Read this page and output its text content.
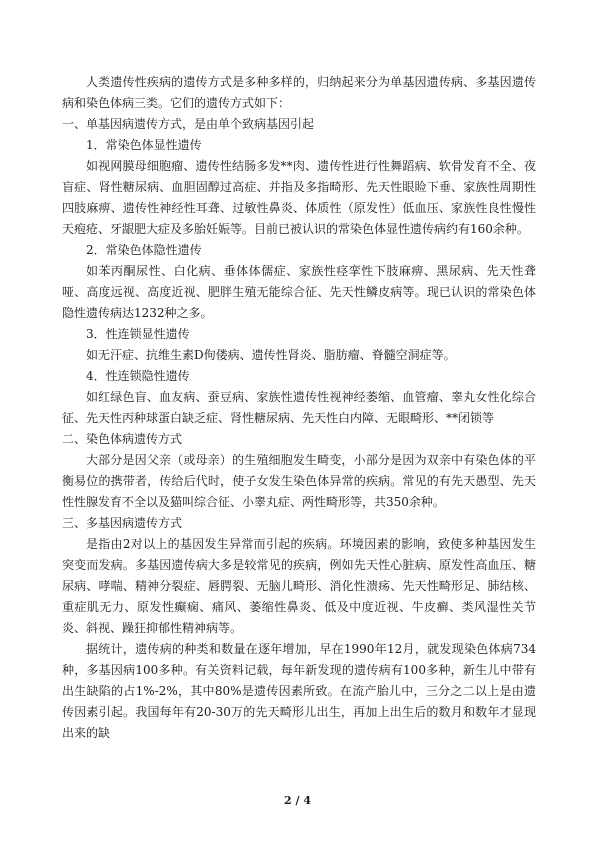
人类遗传性疾病的遗传方式是多种多样的，归纳起来分为单基因遗传病、多基因遗传病和染色体病三类。它们的遗传方式如下：

一、单基因病遗传方式，是由单个致病基因引起

1．常染色体显性遗传

如视网膜母细胞瘤、遗传性结肠多发**肉、遗传性进行性舞蹈病、软骨发育不全、夜盲症、肾性糖尿病、血胆固醇过高症、并指及多指畸形、先天性眼睑下垂、家族性周期性四肢麻痹、遗传性神经性耳聋、过敏性鼻炎、体质性（原发性）低血压、家族性良性慢性天疱疮、牙龈肥大症及多胎妊娠等。目前已被认识的常染色体显性遗传病约有160余种。

2．常染色体隐性遗传

如苯丙酮尿性、白化病、垂体体儒症、家族性痉挛性下肢麻痹、黑尿病、先天性聋哑、高度远视、高度近视、肥胖生殖无能综合征、先天性鳞皮病等。现已认识的常染色体隐性遗传病达1232种之多。

3．性连锁显性遗传

如无汗症、抗维生素D佝偻病、遗传性肾炎、脂肪瘤、脊髓空洞症等。

4．性连锁隐性遗传

如红绿色盲、血友病、蚕豆病、家族性遗传性视神经萎缩、血管瘤、睾丸女性化综合征、先天性丙种球蛋白缺乏症、肾性糖尿病、先天性白内障、无眼畸形、**闭锁等

二、染色体病遗传方式

大部分是因父亲（或母亲）的生殖细胞发生畸变，小部分是因为双亲中有染色体的平衡易位的携带者，传给后代时，使子女发生染色体异常的疾病。常见的有先天愚型、先天性性腺发育不全以及猫叫综合征、小睾丸症、两性畸形等，共350余种。

三、多基因病遗传方式

是指由2对以上的基因发生异常而引起的疾病。环境因素的影响，致使多种基因发生突变而发病。多基因遗传病大多是较常见的疾病，例如先天性心脏病、原发性高血压、糖尿病、哮喘、精神分裂症、唇腭裂、无脑儿畸形、消化性溃疡、先天性畸形足、肺结核、重症肌无力、原发性癫痫、痛风、萎缩性鼻炎、低及中度近视、牛皮癣、类风湿性关节炎、斜视、躁狂抑郁性精神病等。

据统计，遗传病的种类和数量在逐年增加，早在1990年12月，就发现染色体病734种，多基因病100多种。有关资料记载，每年新发现的遗传病有100多种，新生儿中带有出生缺陷的占1%-2%，其中80%是遗传因素所致。在流产胎儿中，三分之二以上是由遗传因素引起。我国每年有20-30万的先天畸形儿出生，再加上出生后的数月和数年才显现出来的缺

2 / 4
